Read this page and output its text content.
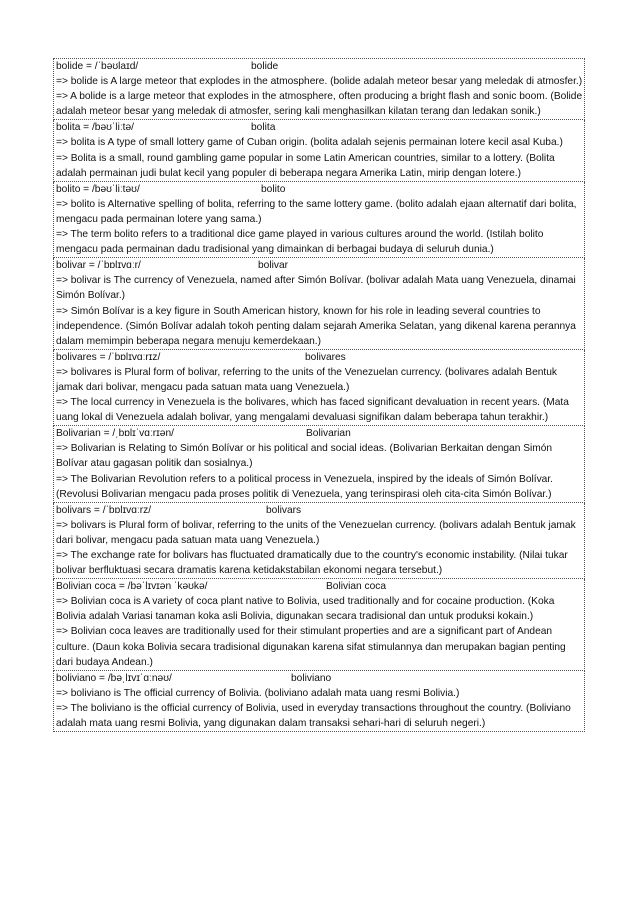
bolide = /ˈbəʊlaɪd/	bolide
=> bolide is A large meteor that explodes in the atmosphere. (bolide adalah meteor besar yang meledak di atmosfer.)
=> A bolide is a large meteor that explodes in the atmosphere, often producing a bright flash and sonic boom. (Bolide adalah meteor besar yang meledak di atmosfer, sering kali menghasilkan kilatan terang dan ledakan sonik.)
bolita = /bəʊˈliːtə/	bolita
=> bolita is A type of small lottery game of Cuban origin. (bolita adalah sejenis permainan lotere kecil asal Kuba.)
=> Bolita is a small, round gambling game popular in some Latin American countries, similar to a lottery. (Bolita adalah permainan judi bulat kecil yang populer di beberapa negara Amerika Latin, mirip dengan lotere.)
bolito = /bəʊˈliːtəʊ/	bolito
=> bolito is Alternative spelling of bolita, referring to the same lottery game. (bolito adalah ejaan alternatif dari bolita, mengacu pada permainan lotere yang sama.)
=> The term bolito refers to a traditional dice game played in various cultures around the world. (Istilah bolito mengacu pada permainan dadu tradisional yang dimainkan di berbagai budaya di seluruh dunia.)
bolivar = /ˈbɒlɪvɑːr/	bolivar
=> bolivar is The currency of Venezuela, named after Simón Bolívar. (bolivar adalah Mata uang Venezuela, dinamai Simón Bolívar.)
=> Simón Bolívar is a key figure in South American history, known for his role in leading several countries to independence. (Simón Bolívar adalah tokoh penting dalam sejarah Amerika Selatan, yang dikenal karena perannya dalam memimpin beberapa negara menuju kemerdekaan.)
bolivares = /ˈbɒlɪvɑːrɪz/	bolivares
=> bolivares is Plural form of bolivar, referring to the units of the Venezuelan currency. (bolivares adalah Bentuk jamak dari bolivar, mengacu pada satuan mata uang Venezuela.)
=> The local currency in Venezuela is the bolivares, which has faced significant devaluation in recent years. (Mata uang lokal di Venezuela adalah bolivar, yang mengalami devaluasi signifikan dalam beberapa tahun terakhir.)
Bolivarian = /ˌbɒlɪˈvɑːrɪən/	Bolivarian
=> Bolivarian is Relating to Simón Bolívar or his political and social ideas. (Bolivarian Berkaitan dengan Simón Bolívar atau gagasan politik dan sosialnya.)
=> The Bolivarian Revolution refers to a political process in Venezuela, inspired by the ideals of Simón Bolívar. (Revolusi Bolivarian mengacu pada proses politik di Venezuela, yang terinspirasi oleh cita-cita Simón Bolívar.)
bolivars = /ˈbɒlɪvɑːrz/	bolivars
=> bolivars is Plural form of bolivar, referring to the units of the Venezuelan currency. (bolivars adalah Bentuk jamak dari bolivar, mengacu pada satuan mata uang Venezuela.)
=> The exchange rate for bolivars has fluctuated dramatically due to the country's economic instability. (Nilai tukar bolivar berfluktuasi secara dramatis karena ketidakstabilan ekonomi negara tersebut.)
Bolivian coca = /bəˈlɪvɪən ˈkəʊkə/	Bolivian coca
=> Bolivian coca is A variety of coca plant native to Bolivia, used traditionally and for cocaine production. (Koka Bolivia adalah Variasi tanaman koka asli Bolivia, digunakan secara tradisional dan untuk produksi kokain.)
=> Bolivian coca leaves are traditionally used for their stimulant properties and are a significant part of Andean culture. (Daun koka Bolivia secara tradisional digunakan karena sifat stimulannya dan merupakan bagian penting dari budaya Andean.)
boliviano = /bəˌlɪvɪˈɑːnəʊ/	boliviano
=> boliviano is The official currency of Bolivia. (boliviano adalah mata uang resmi Bolivia.)
=> The boliviano is the official currency of Bolivia, used in everyday transactions throughout the country. (Boliviano adalah mata uang resmi Bolivia, yang digunakan dalam transaksi sehari-hari di seluruh negeri.)
